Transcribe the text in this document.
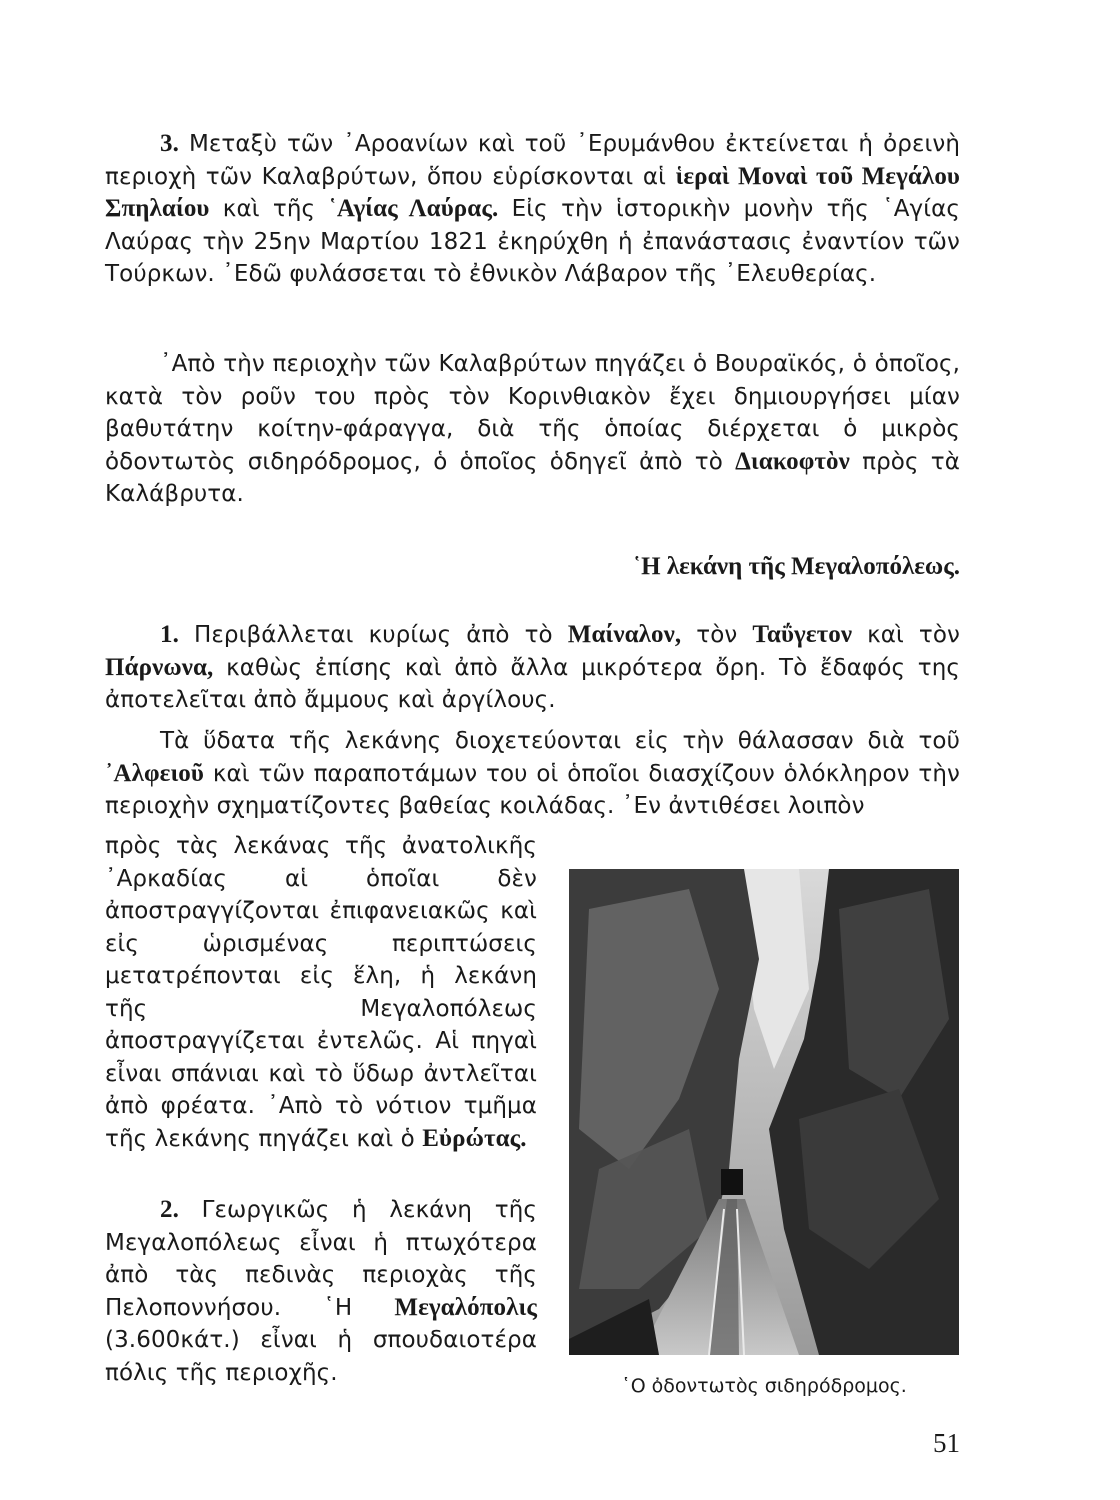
3. Μεταξὺ τῶν ᾽Αροανίων καὶ τοῦ ᾽Ερυμάνθου ἐκτείνεται ἡ ὀρεινὴ περιοχὴ τῶν Καλαβρύτων, ὅπου εὑρίσκονται αἱ ἱεραὶ Μοναὶ τοῦ Μεγάλου Σπηλαίου καὶ τῆς ῾Αγίας Λαύρας. Εἰς τὴν ἱστορικὴν μονὴν τῆς ῾Αγίας Λαύρας τὴν 25ην Μαρτίου 1821 ἐκηρύχθη ἡ ἐπανάστασις ἐναντίον τῶν Τούρκων. ᾽Εδῶ φυλάσσεται τὸ ἐθνικὸν Λάβαρον τῆς ᾽Ελευθερίας.
᾽Απὸ τὴν περιοχὴν τῶν Καλαβρύτων πηγάζει ὁ Βουραϊκός, ὁ ὁποῖος, κατὰ τὸν ροῦν του πρὸς τὸν Κορινθιακὸν ἔχει δημιουργήσει μίαν βαθυτάτην κοίτην-φάραγγα, διὰ τῆς ὁποίας διέρχεται ὁ μικρὸς ὀδοντωτὸς σιδηρόδρομος, ὁ ὁποῖος ὁδηγεῖ ἀπὸ τὸ Διακοφτὸν πρὸς τὰ Καλάβρυτα.
῾Η λεκάνη τῆς Μεγαλοπόλεως.
1. Περιβάλλεται κυρίως ἀπὸ τὸ Μαίναλον, τὸν Ταΰγετον καὶ τὸν Πάρνωνα, καθὼς ἐπίσης καὶ ἀπὸ ἄλλα μικρότερα ὄρη. Τὸ ἔδαφός της ἀποτελεῖται ἀπὸ ἄμμους καὶ ἀργίλους.
Τὰ ὕδατα τῆς λεκάνης διοχετεύονται εἰς τὴν θάλασσαν διὰ τοῦ ᾽Αλφειοῦ καὶ τῶν παραποτάμων του οἱ ὁποῖοι διασχίζουν ὁλόκληρον τὴν περιοχὴν σχηματίζοντες βαθείας κοιλάδας. ᾽Εν ἀντιθέσει λοιπὸν
πρὸς τὰς λεκάνας τῆς ἀνατολικῆς ᾽Αρκαδίας αἱ ὁποῖαι δὲν ἀποστραγγίζονται ἐπιφανειακῶς καὶ εἰς ὡρισμένας περιπτώσεις μετατρέπονται εἰς ἕλη, ἡ λεκάνη τῆς Μεγαλοπόλεως ἀποστραγγίζεται ἐντελῶς. Αἱ πηγαὶ εἶναι σπάνιαι καὶ τὸ ὕδωρ ἀντλεῖται ἀπὸ φρέατα. ᾽Απὸ τὸ νότιον τμῆμα τῆς λεκάνης πηγάζει καὶ ὁ Εὐρώτας.
2. Γεωργικῶς ἡ λεκάνη τῆς Μεγαλοπόλεως εἶναι ἡ πτωχότερα ἀπὸ τὰς πεδινὰς περιοχὰς τῆς Πελοποννήσου. ῾Η Μεγαλόπολις (3.600κάτ.) εἶναι ἡ σπουδαιοτέρα πόλις τῆς περιοχῆς.
῾Ο ὀδοντωτὸς σιδηρόδρομος.
51
